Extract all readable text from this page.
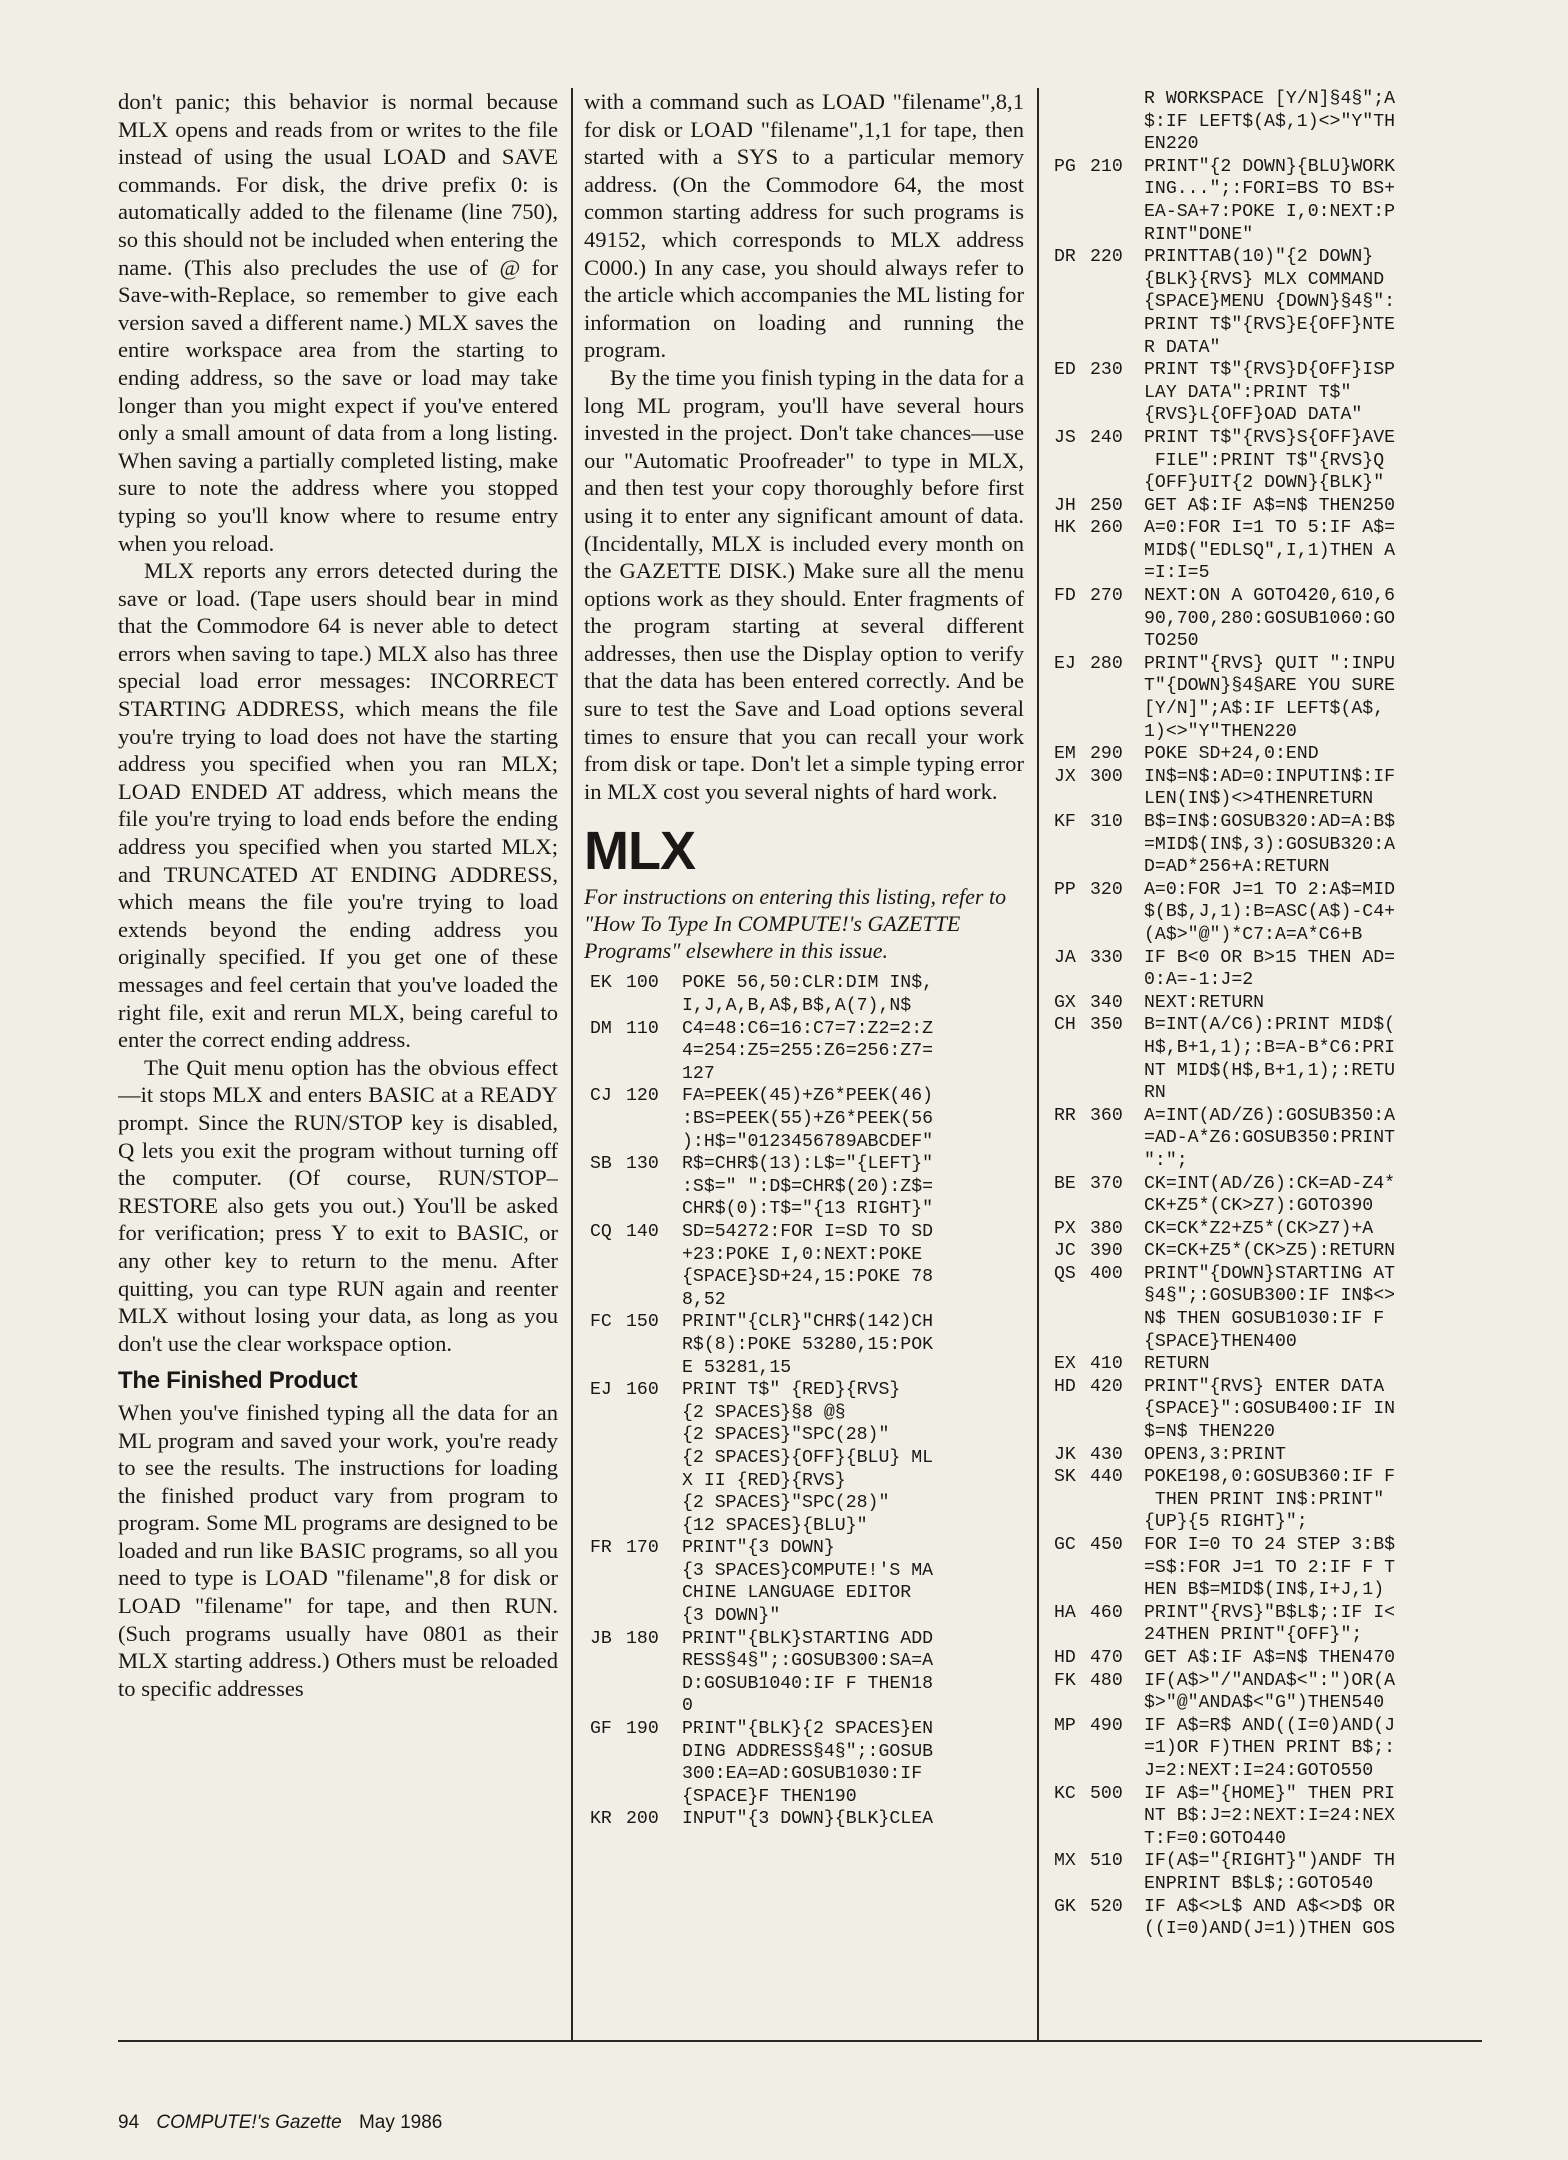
don't panic; this behavior is normal because MLX opens and reads from or writes to the file instead of using the usual LOAD and SAVE commands. For disk, the drive prefix 0: is automatically added to the filename (line 750), so this should not be included when entering the name. (This also precludes the use of @ for Save-with-Replace, so remember to give each version saved a different name.) MLX saves the entire workspace area from the starting to ending address, so the save or load may take longer than you might expect if you've entered only a small amount of data from a long listing. When saving a partially completed listing, make sure to note the address where you stopped typing so you'll know where to resume entry when you reload.

MLX reports any errors detected during the save or load. (Tape users should bear in mind that the Commodore 64 is never able to detect errors when saving to tape.) MLX also has three special load error messages: INCORRECT STARTING ADDRESS, which means the file you're trying to load does not have the starting address you specified when you ran MLX; LOAD ENDED AT address, which means the file you're trying to load ends before the ending address you specified when you started MLX; and TRUNCATED AT ENDING ADDRESS, which means the file you're trying to load extends beyond the ending address you originally specified. If you get one of these messages and feel certain that you've loaded the right file, exit and rerun MLX, being careful to enter the correct ending address.

The Quit menu option has the obvious effect—it stops MLX and enters BASIC at a READY prompt. Since the RUN/STOP key is disabled, Q lets you exit the program without turning off the computer. (Of course, RUN/STOP–RESTORE also gets you out.) You'll be asked for verification; press Y to exit to BASIC, or any other key to return to the menu. After quitting, you can type RUN again and reenter MLX without losing your data, as long as you don't use the clear workspace option.

The Finished Product

When you've finished typing all the data for an ML program and saved your work, you're ready to see the results. The instructions for loading the finished product vary from program to program. Some ML programs are designed to be loaded and run like BASIC programs, so all you need to type is LOAD "filename",8 for disk or LOAD "filename" for tape, and then RUN. (Such programs usually have 0801 as their MLX starting address.) Others must be reloaded to specific addresses

with a command such as LOAD "filename",8,1 for disk or LOAD "filename",1,1 for tape, then started with a SYS to a particular memory address. (On the Commodore 64, the most common starting address for such programs is 49152, which corresponds to MLX address C000.) In any case, you should always refer to the article which accompanies the ML listing for information on loading and running the program.

By the time you finish typing in the data for a long ML program, you'll have several hours invested in the project. Don't take chances—use our "Automatic Proofreader" to type in MLX, and then test your copy thoroughly before first using it to enter any significant amount of data. (Incidentally, MLX is included every month on the GAZETTE DISK.) Make sure all the menu options work as they should. Enter fragments of the program starting at several different addresses, then use the Display option to verify that the data has been entered correctly. And be sure to test the Save and Load options several times to ensure that you can recall your work from disk or tape. Don't let a simple typing error in MLX cost you several nights of hard work.

MLX
For instructions on entering this listing, refer to "How To Type In COMPUTE!'s GAZETTE Programs" elsewhere in this issue.
EK 100 POKE 56,50:CLR:DIM IN$,
I,J,A,B,A$,B$,A(7),N$
DM 110 C4=48:C6=16:C7=7:Z2=2:Z
4=254:Z5=255:Z6=256:Z7=
127
CJ 120 FA=PEEK(45)+Z6*PEEK(46)
:BS=PEEK(55)+Z6*PEEK(56
):H$="0123456789ABCDEF"
SB 130 R$=CHR$(13):L$="{LEFT}"
:S$=" ":D$=CHR$(20):Z$=
CHR$(0):T$="{13 RIGHT}"
CQ 140 SD=54272:FOR I=SD TO SD
+23:POKE I,0:NEXT:POKE
{SPACE}SD+24,15:POKE 78
8,52
FC 150 PRINT"{CLR}"CHR$(142)CH
R$(8):POKE 53280,15:POK
E 53281,15
EJ 160 PRINT T$" {RED}{RVS}
{2 SPACES}§8 @§
{2 SPACES}"SPC(28)"
{2 SPACES}{OFF}{BLU} ML
X II {RED}{RVS}
{2 SPACES}"SPC(28)"
{12 SPACES}{BLU}"
FR 170 PRINT"{3 DOWN}
{3 SPACES}COMPUTE!'S MA
CHINE LANGUAGE EDITOR
{3 DOWN}"
JB 180 PRINT"{BLK}STARTING ADD
RESS§4§";:GOSUB300:SA=A
D:GOSUB1040:IF F THEN18
0
GF 190 PRINT"{BLK}{2 SPACES}EN
DING ADDRESS§4§";:GOSUB
300:EA=AD:GOSUB1030:IF
{SPACE}F THEN190
KR 200 INPUT"{3 DOWN}{BLK}CLEA
R WORKSPACE [Y/N]§4§";A
$:IF LEFT$(A$,1)<>"Y"TH
EN220
PG 210 PRINT"{2 DOWN}{BLU}WORK
ING...";:FORI=BS TO BS+
EA-SA+7:POKE I,0:NEXT:P
RINT"DONE"
DR 220 PRINTTAB(10)"{2 DOWN}
{BLK}{RVS} MLX COMMAND
{SPACE}MENU {DOWN}§4§":
PRINT T$"{RVS}E{OFF}NTE
R DATA"
ED 230 PRINT T$"{RVS}D{OFF}ISP
LAY DATA":PRINT T$"
{RVS}L{OFF}OAD DATA"
JS 240 PRINT T$"{RVS}S{OFF}AVE
FILE":PRINT T$"{RVS}Q
{OFF}UIT{2 DOWN}{BLK}"
JH 250 GET A$:IF A$=N$ THEN250
HK 260 A=0:FOR I=1 TO 5:IF A$=
MID$("EDLSQ",I,1)THEN A
=I:I=5
FD 270 NEXT:ON A GOTO420,610,6
90,700,280:GOSUB1060:GO
TO250
EJ 280 PRINT"{RVS} QUIT ":INPU
T"{DOWN}§4§ARE YOU SURE
[Y/N]";A$:IF LEFT$(A$,
1)<>"Y"THEN220
EM 290 POKE SD+24,0:END
JX 300 IN$=N$:AD=0:INPUTIN$:IF
LEN(IN$)<>4THENRETURN
KF 310 B$=IN$:GOSUB320:AD=A:B$
=MID$(IN$,3):GOSUB320:A
D=AD*256+A:RETURN
PP 320 A=0:FOR J=1 TO 2:A$=MID
$(B$,J,1):B=ASC(A$)-C4+
(A$>"@")*C7:A=A*C6+B
JA 330 IF B<0 OR B>15 THEN AD=
0:A=-1:J=2
GX 340 NEXT:RETURN
CH 350 B=INT(A/C6):PRINT MID$(
H$,B+1,1);:B=A-B*C6:PRI
NT MID$(H$,B+1,1);:RETU
RN
RR 360 A=INT(AD/Z6):GOSUB350:A
=AD-A*Z6:GOSUB350:PRINT
":";
BE 370 CK=INT(AD/Z6):CK=AD-Z4*
CK+Z5*(CK>Z7):GOTO390
PX 380 CK=CK*Z2+Z5*(CK>Z7)+A
JC 390 CK=CK+Z5*(CK>Z5):RETURN
QS 400 PRINT"{DOWN}STARTING AT
§4§";:GOSUB300:IF IN$<>
N$ THEN GOSUB1030:IF F
{SPACE}THEN400
EX 410 RETURN
HD 420 PRINT"{RVS} ENTER DATA
{SPACE}":GOSUB400:IF IN
$=N$ THEN220
JK 430 OPEN3,3:PRINT
SK 440 POKE198,0:GOSUB360:IF F
THEN PRINT IN$:PRINT"
{UP}{5 RIGHT}";
GC 450 FOR I=0 TO 24 STEP 3:B$
=S$:FOR J=1 TO 2:IF F T
HEN B$=MID$(IN$,I+J,1)
HA 460 PRINT"{RVS}"B$L$;:IF I<
24THEN PRINT"{OFF}";
HD 470 GET A$:IF A$=N$ THEN470
FK 480 IF(A$>"/"ANDA$<":")OR(A
$>"@"ANDA$<"G")THEN540
MP 490 IF A$=R$ AND((I=0)AND(J
=1)OR F)THEN PRINT B$;:
J=2:NEXT:I=24:GOTO550
KC 500 IF A$="{HOME}" THEN PRI
NT B$:J=2:NEXT:I=24:NEX
T:F=0:GOTO440
MX 510 IF(A$="{RIGHT}")ANDF TH
ENPRINT B$L$;:GOTO540
GK 520 IF A$<>L$ AND A$<>D$ OR
((I=0)AND(J=1))THEN GOS
94 COMPUTE!'s Gazette May 1986
